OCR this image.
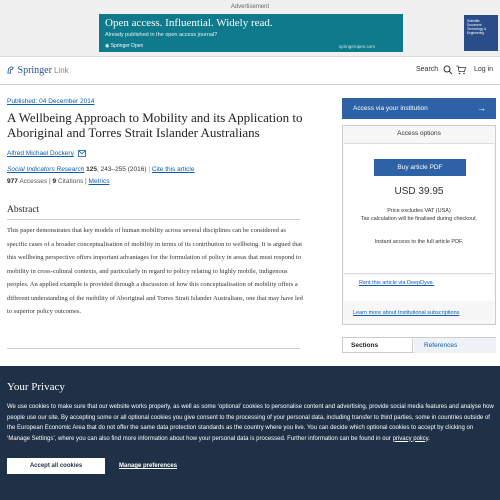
Advertisement
Open access. Influential. Widely read.
Already published in the open access journal?
◉ Springer Open	springeropen.com
Scientific
Document
Technology &
Engineering
Springer Link	Search	Log in
Published: 04 December 2014
A Wellbeing Approach to Mobility and its Application to Aboriginal and Torres Strait Islander Australians
Alfred Michael Dockery
Social Indicators Research 125, 243–255 (2016) | Cite this article
977 Accesses | 9 Citations | Metrics
Abstract

This paper demonstrates that key models of human mobility across several disciplines can be considered as specific cases of a broader conceptualisation of mobility in terms of its contribution to wellbeing. It is argued that this wellbeing perspective offers important advantages for the formulation of policy in areas that must respond to mobility in cross-cultural contexts, and particularly in regard to policy relating to highly mobile, indigenous peoples. An applied example is provided through a discussion of how this conceptualisation of mobility offers a different understanding of the mobility of Aboriginal and Torres Strait Islander Australians, one that may have led to superior policy outcomes.

Access via your institution	→
Access options
Buy article PDF
USD 39.95
Price excludes VAT (USA)
Tax calculation will be finalised during checkout.
Instant access to the full article PDF.
Rent this article via DeepDyve.
Learn more about Institutional subscriptions
Sections	References
Your Privacy

We use cookies to make sure that our website works properly, as well as some ‘optional’ cookies to personalise content and advertising, provide social media features and analyse how people use our site. By accepting some or all optional cookies you give consent to the processing of your personal data, including transfer to third parties, some in countries outside of the European Economic Area that do not offer the same data protection standards as the country where you live. You can decide which optional cookies to accept by clicking on ‘Manage Settings’, where you can also find more information about how your personal data is processed. Further information can be found in our privacy policy.

Accept all cookies	Manage preferences
